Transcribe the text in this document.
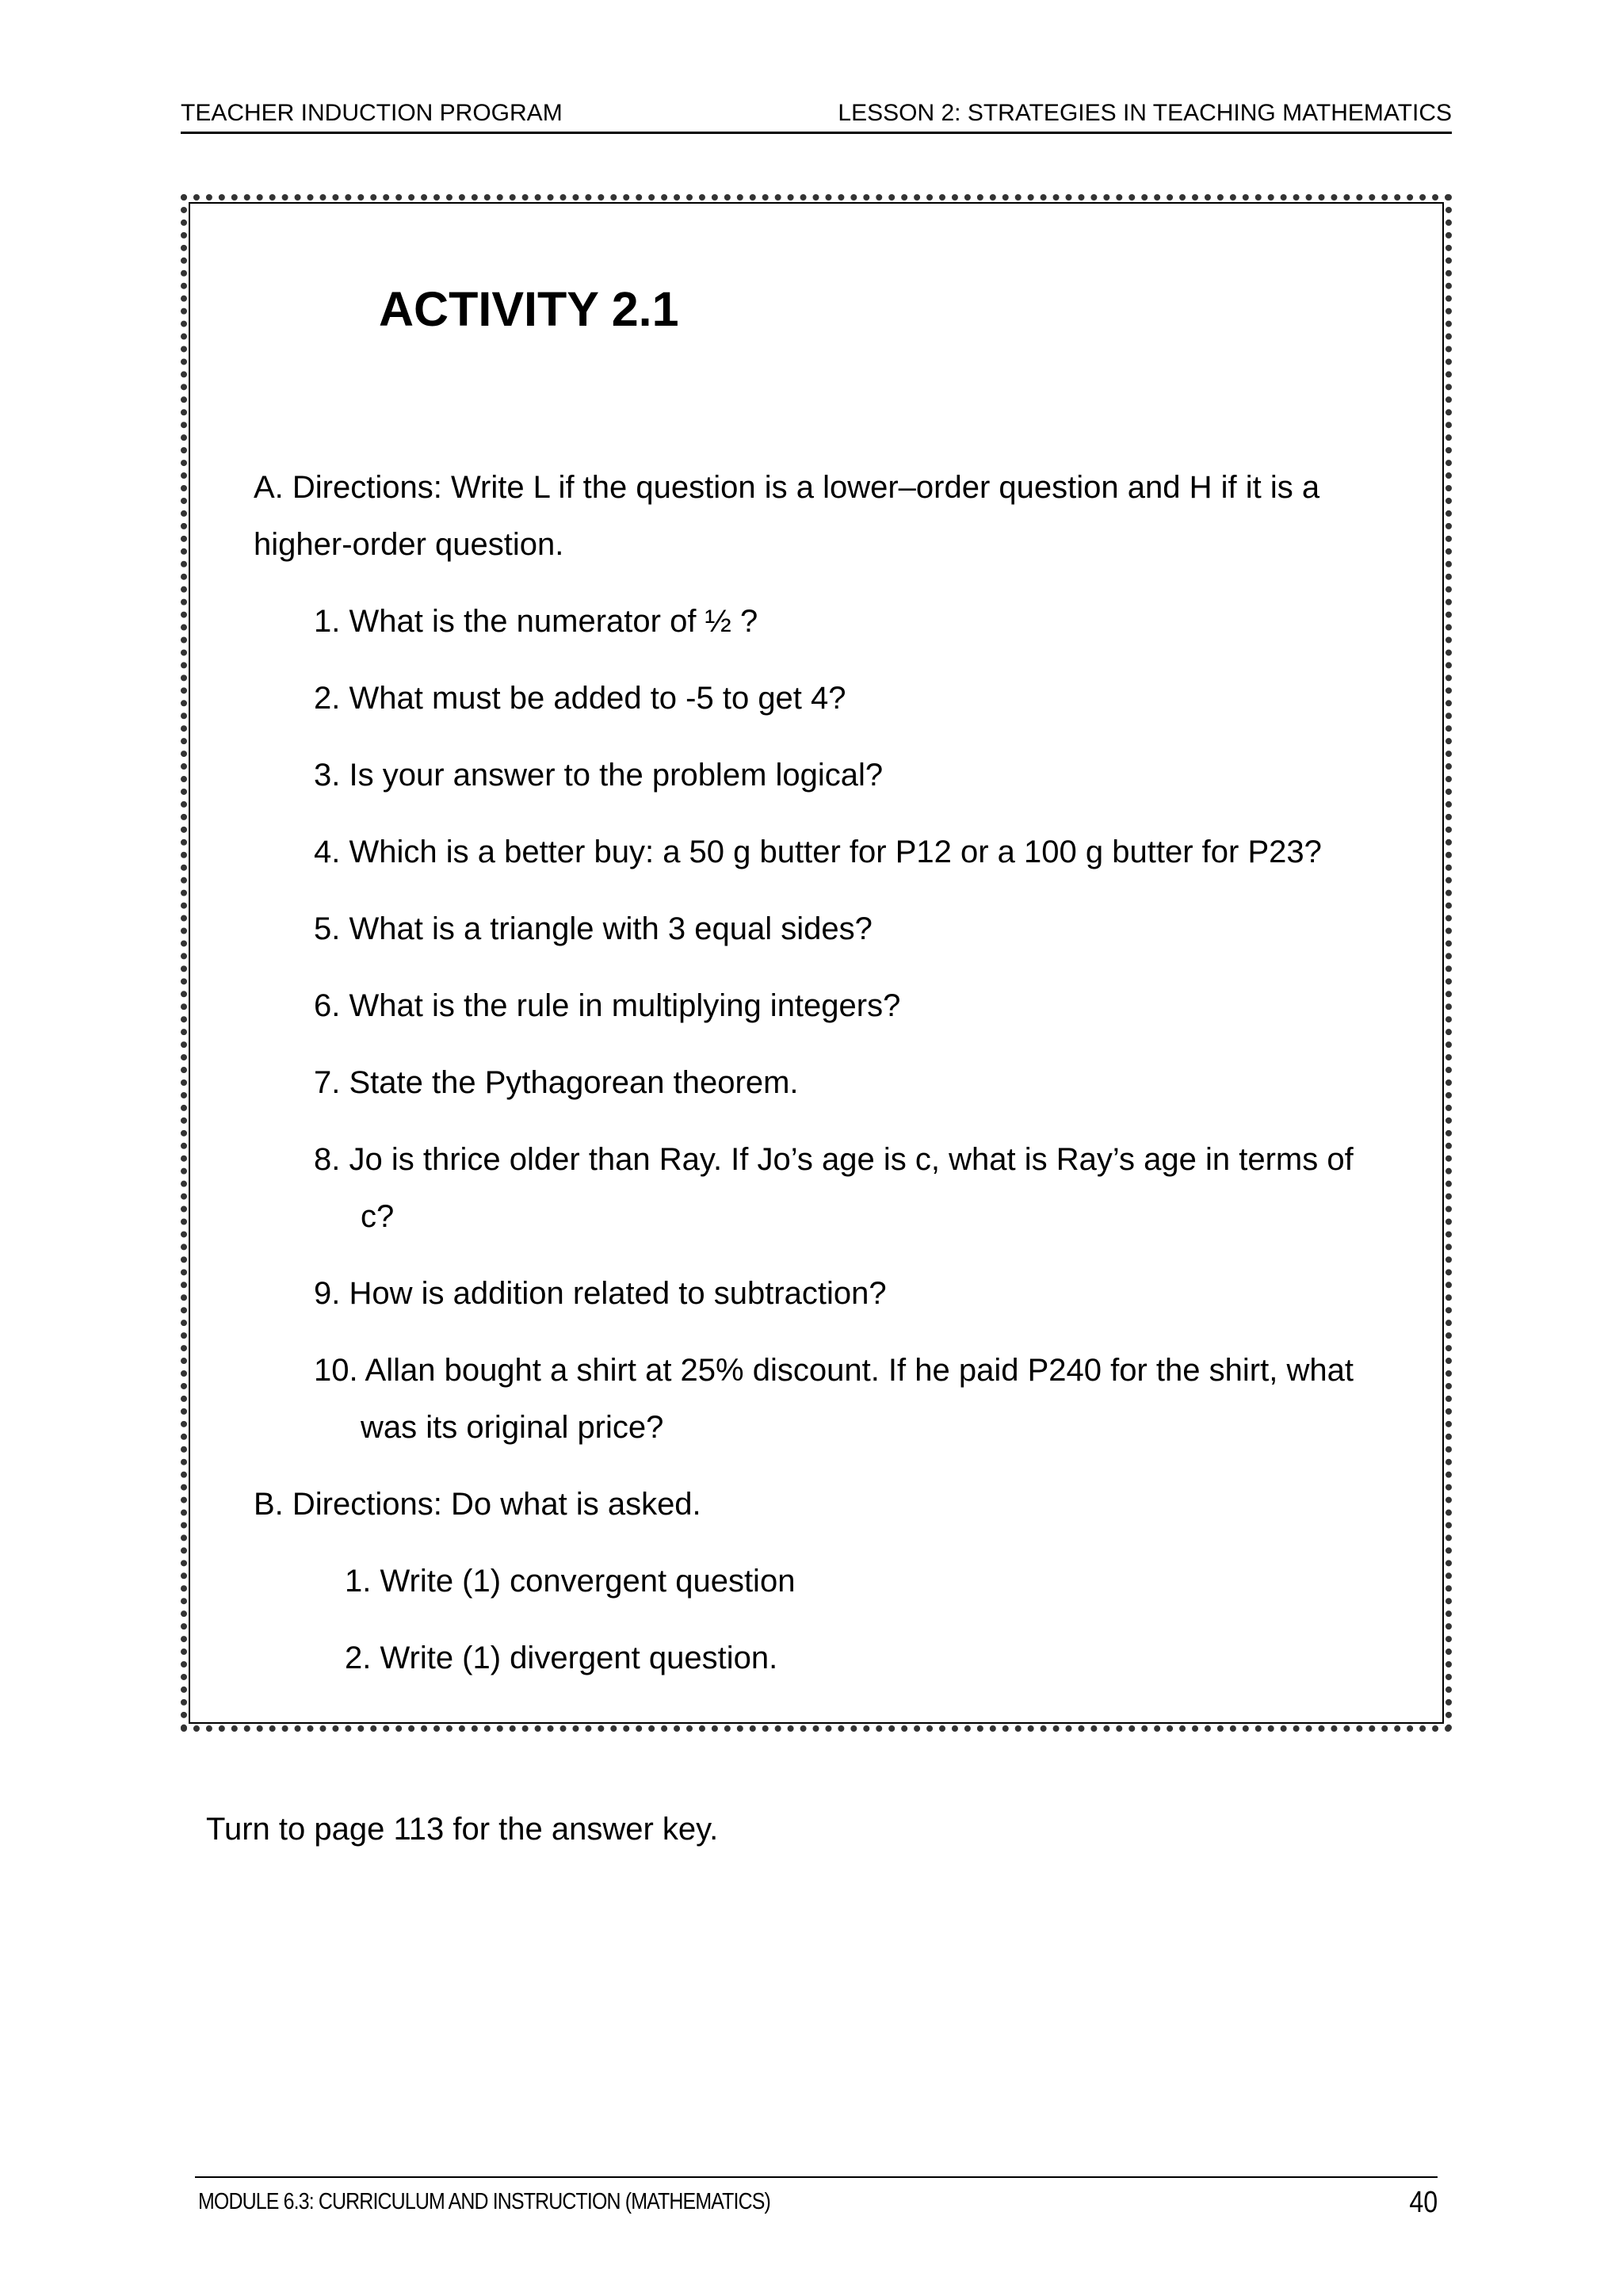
TEACHER INDUCTION PROGRAM	LESSON 2: STRATEGIES IN TEACHING MATHEMATICS
ACTIVITY 2.1
A. Directions: Write L if the question is a lower–order question and H if it is a
higher-order question.
1. What is the numerator of ½ ?
2. What must be added to -5 to get 4?
3. Is your answer to the problem logical?
4. Which is a better buy: a 50 g butter for P12 or a 100 g butter for P23?
5. What is a triangle with 3 equal sides?
6. What is the rule in multiplying integers?
7. State the Pythagorean theorem.
8. Jo is thrice older than Ray. If Jo’s age is c, what is Ray’s age in terms of
c?
9. How is addition related to subtraction?
10. Allan bought a shirt at 25% discount. If he paid P240 for the shirt, what
was its original price?
B. Directions: Do what is asked.
1. Write (1) convergent question
2. Write (1) divergent question.
Turn to page 113 for the answer key.
MODULE 6.3: CURRICULUM AND INSTRUCTION (MATHEMATICS)	40
